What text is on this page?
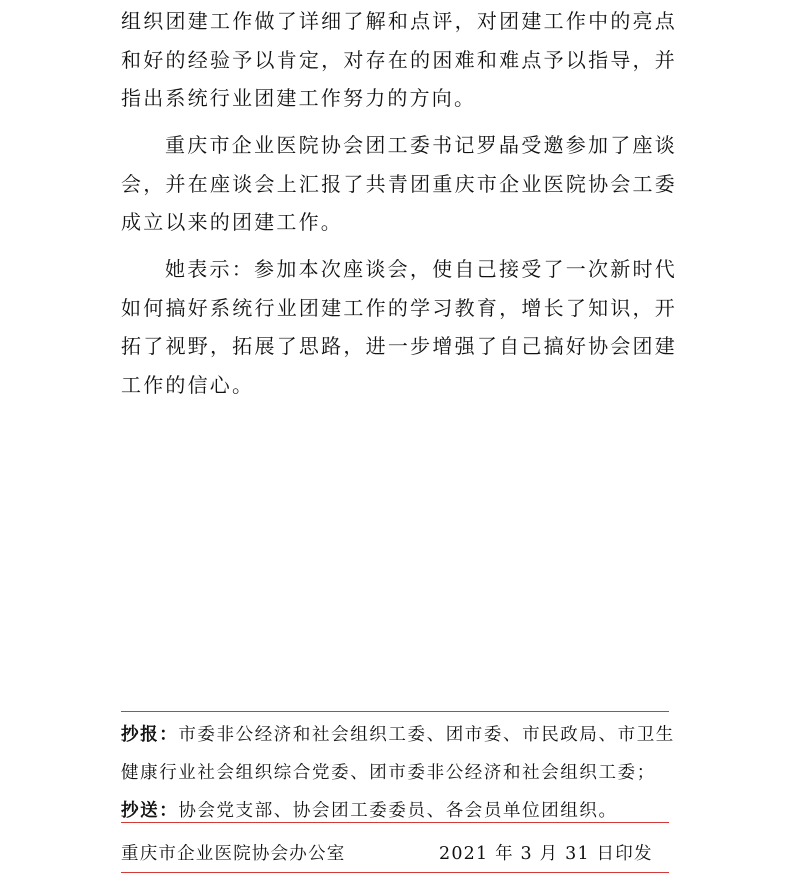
组织团建工作做了详细了解和点评，对团建工作中的亮点和好的经验予以肯定，对存在的困难和难点予以指导，并指出系统行业团建工作努力的方向。

重庆市企业医院协会团工委书记罗晶受邀参加了座谈会，并在座谈会上汇报了共青团重庆市企业医院协会工委成立以来的团建工作。

她表示：参加本次座谈会，使自己接受了一次新时代如何搞好系统行业团建工作的学习教育，增长了知识，开拓了视野，拓展了思路，进一步增强了自己搞好协会团建工作的信心。

抄报：市委非公经济和社会组织工委、团市委、市民政局、市卫生健康行业社会组织综合党委、团市委非公经济和社会组织工委；

抄送：协会党支部、协会团工委委员、各会员单位团组织。

重庆市企业医院协会办公室	2021 年 3 月 31 日印发
